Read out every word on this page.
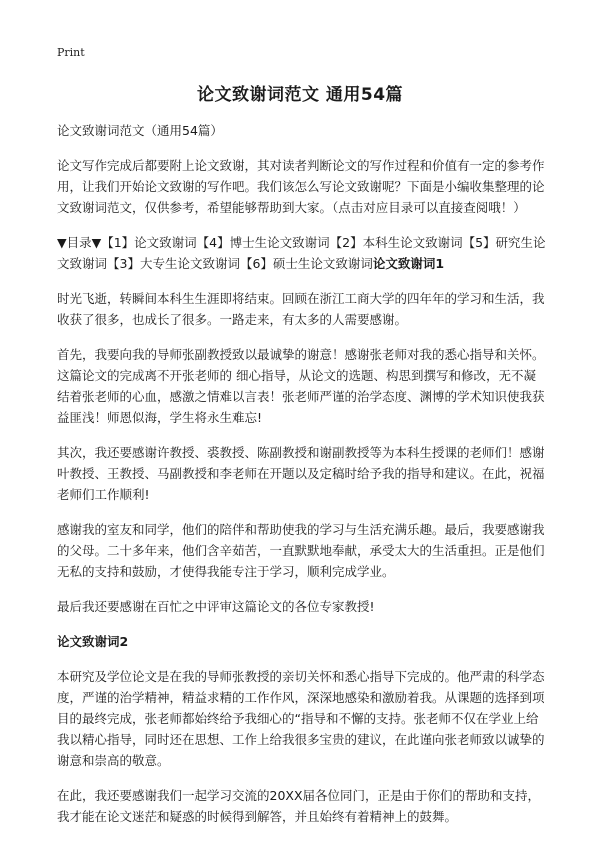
Print
论文致谢词范文 通用54篇

论文致谢词范文（通用54篇）

论文写作完成后都要附上论文致谢，其对读者判断论文的写作过程和价值有一定的参考作用，让我们开始论文致谢的写作吧。我们该怎么写论文致谢呢？下面是小编收集整理的论文致谢词范文，仅供参考，希望能够帮助到大家。（点击对应目录可以直接查阅哦！）

▼目录▼【1】论文致谢词【4】博士生论文致谢词【2】本科生论文致谢词【5】研究生论文致谢词【3】大专生论文致谢词【6】硕士生论文致谢词论文致谢词1

时光飞逝，转瞬间本科生生涯即将结束。回顾在浙江工商大学的四年年的学习和生活，我收获了很多，也成长了很多。一路走来，有太多的人需要感谢。

首先，我要向我的导师张副教授致以最诚挚的谢意！感谢张老师对我的悉心指导和关怀。这篇论文的完成离不开张老师的 细心指导，从论文的选题、构思到撰写和修改，无不凝结着张老师的心血，感激之情难以言表！张老师严谨的治学态度、渊博的学术知识使我获益匪浅！师恩似海，学生将永生难忘!

其次，我还要感谢许教授、裘教授、陈副教授和谢副教授等为本科生授课的老师们！感谢叶教授、王教授、马副教授和李老师在开题以及定稿时给予我的指导和建议。在此，祝福老师们工作顺利!

感谢我的室友和同学，他们的陪伴和帮助使我的学习与生活充满乐趣。最后，我要感谢我的父母。二十多年来，他们含辛茹苦，一直默默地奉献，承受太大的生活重担。正是他们无私的支持和鼓励，才使得我能专注于学习，顺利完成学业。

最后我还要感谢在百忙之中评审这篇论文的各位专家教授!

论文致谢词2

本研究及学位论文是在我的导师张教授的亲切关怀和悉心指导下完成的。他严肃的科学态度，严谨的治学精神，精益求精的工作作风，深深地感染和激励着我。从课题的选择到项目的最终完成，张老师都始终给予我细心的“指导和不懈的支持。张老师不仅在学业上给我以精心指导，同时还在思想、工作上给我很多宝贵的建议，在此谨向张老师致以诚挚的谢意和崇高的敬意。

在此，我还要感谢我们一起学习交流的20XX届各位同门，正是由于你们的帮助和支持，我才能在论文迷茫和疑惑的时候得到解答，并且始终有着精神上的鼓舞。
